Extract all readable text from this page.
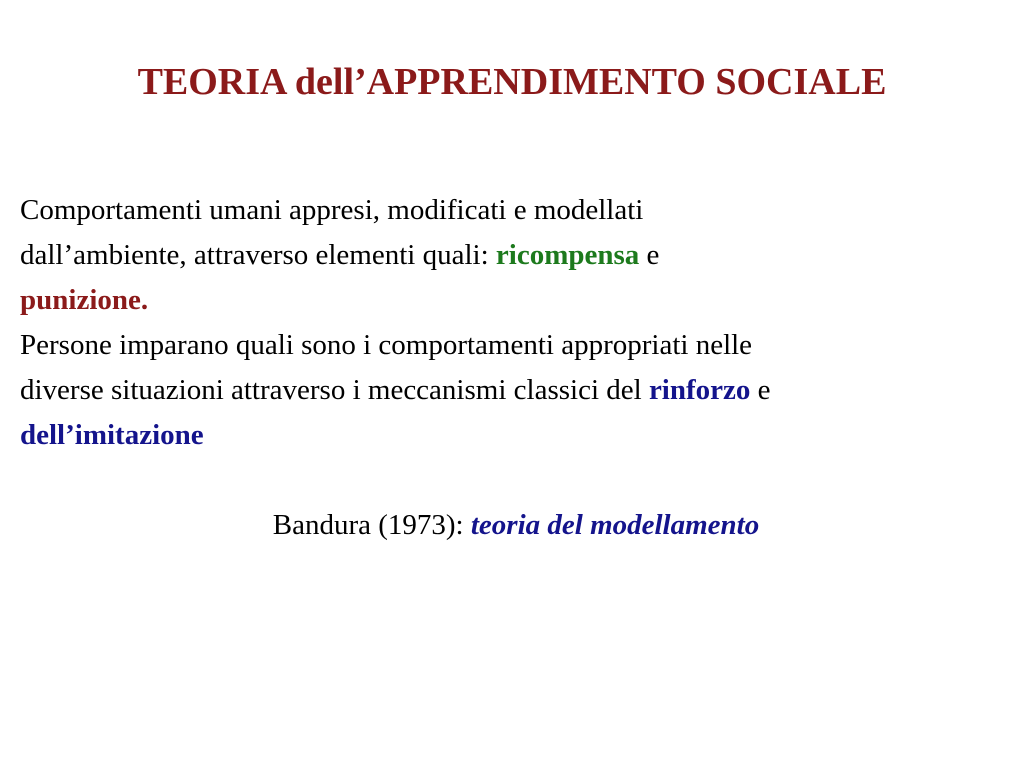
TEORIA dell’APPRENDIMENTO SOCIALE
Comportamenti umani appresi, modificati e modellati
dall’ambiente, attraverso elementi quali: ricompensa e
punizione.
Persone imparano quali sono i comportamenti appropriati nelle
diverse situazioni attraverso i meccanismi classici del rinforzo e
dell’imitazione
Bandura (1973): teoria del modellamento
